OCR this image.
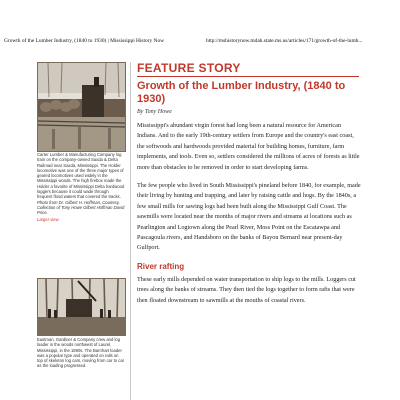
Growth of the Lumber Industry, (1840 to 1930) | Mississippi History Now	http://mshistorynow.mdah.state.ms.us/articles/171/growth-of-the-lumb...
Carter Lumber & Manufacturing Company log train on the company-owned Saxda & Delta Railroad near Saxda, Mississippi. The Holder locomotive was one of the three major types of geared locomotives used widely in the Mississippi woods. The high firebox made the Holder a favorite of Mississippi Delta hardwood loggers because it could wade through frequent flood waters that covered the tracks. Photo from Dr. Gilbert H. Hoffman, Courtesy, Collection of Tony Howe Gilbert Hoffman David Price.
Larger view
Eastman, Gardiner & Company crew and log loader in the woods northwest of Laurel, Mississippi, in the 1890s. The Barnhart loader was a popular type and operated on rails on top of skeleton log cars, moving from car to car as the loading progressed.
FEATURE STORY
Growth of the Lumber Industry, (1840 to 1930)
By Tony Howe

Mississippi's abundant virgin forest had long been a natural resource for American Indians. And to the early 19th-century settlers from Europe and the country's east coast, the softwoods and hardwoods provided material for building homes, furniture, farm implements, and tools. Even so, settlers considered the millions of acres of forests as little more than obstacles to be removed in order to start developing farms.

The few people who lived in South Mississippi's pineland before 1840, for example, made their living by hunting and trapping, and later by raising cattle and hogs. By the 1840s, a few small mills for sawing logs had been built along the Mississippi Gulf Coast. The sawmills were located near the months of major rivers and streams at locations such as Pearlington and Logtown along the Pearl River, Moss Point on the Escatawpa and Pascagoula rivers, and Handsboro on the banks of Bayou Bernard near present-day Gulfport.

River rafting

These early mills depended on water transportation to ship logs to the mills. Loggers cut trees along the banks of streams. They then tied the logs together to form rafts that were then floated downstream to sawmills at the mouths of coastal rivers.
